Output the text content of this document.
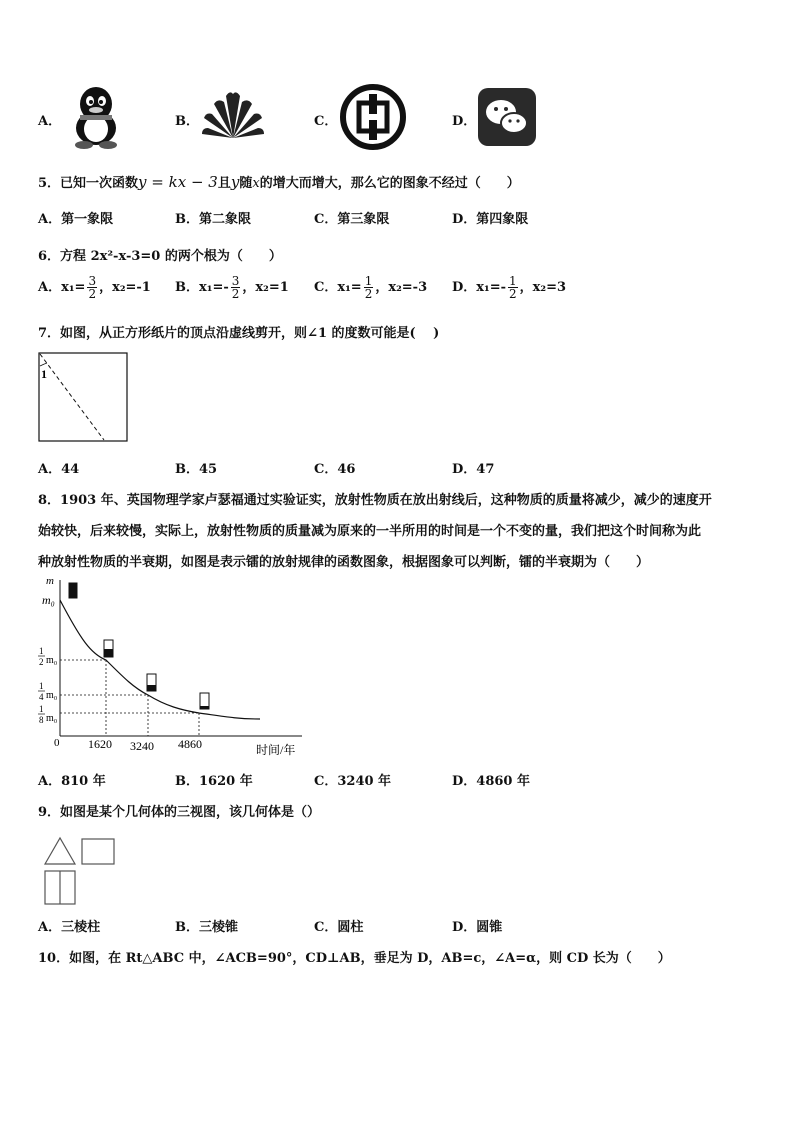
A．	B．	C．	D．
5．已知一次函数y = kx − 3且y随x的增大而增大，那么它的图象不经过（　　）
A．第一象限	B．第二象限	C．第三象限	D．第四象限
6．方程 2x²-x-3=0 的两个根为（　　）
A．$x_1= \frac{3}{2}$ ，x₂=-1 B．$x_1=- \frac{3}{2}$ ，x₂=1 C．$x_1= \frac{1}{2}$ ，x₂=-3 D．$x_1=- \frac{1}{2}$ ，x₂=3
7．如图，从正方形纸片的顶点沿虚线剪开，则∠1 的度数可能是(　 )
1
A．44	B．45	C．46	D．47
8．1903 年、英国物理学家卢瑟福通过实验证实，放射性物质在放出射线后，这种物质的质量将减少，减少的速度开
始较快，后来较慢，实际上，放射性物质的质量减为原来的一半所用的时间是一个不变的量，我们把这个时间称为此
种放射性物质的半衰期，如图是表示镭的放射规律的函数图象，根据图象可以判断，镭的半衰期为（　　）
m
时间/年
0
m₀
1
2 m₀
1
4 m₀
1
8 m₀
1620 3240 4860
A．810 年	B．1620 年	C．3240 年	D．4860 年
9．如图是某个几何体的三视图，该几何体是（）
A．三棱柱	B．三棱锥	C．圆柱	D．圆锥
10．如图，在 Rt△ABC 中，∠ACB=90°，CD⊥AB，垂足为 D，AB=c，∠A=α，则 CD 长为（　　）
